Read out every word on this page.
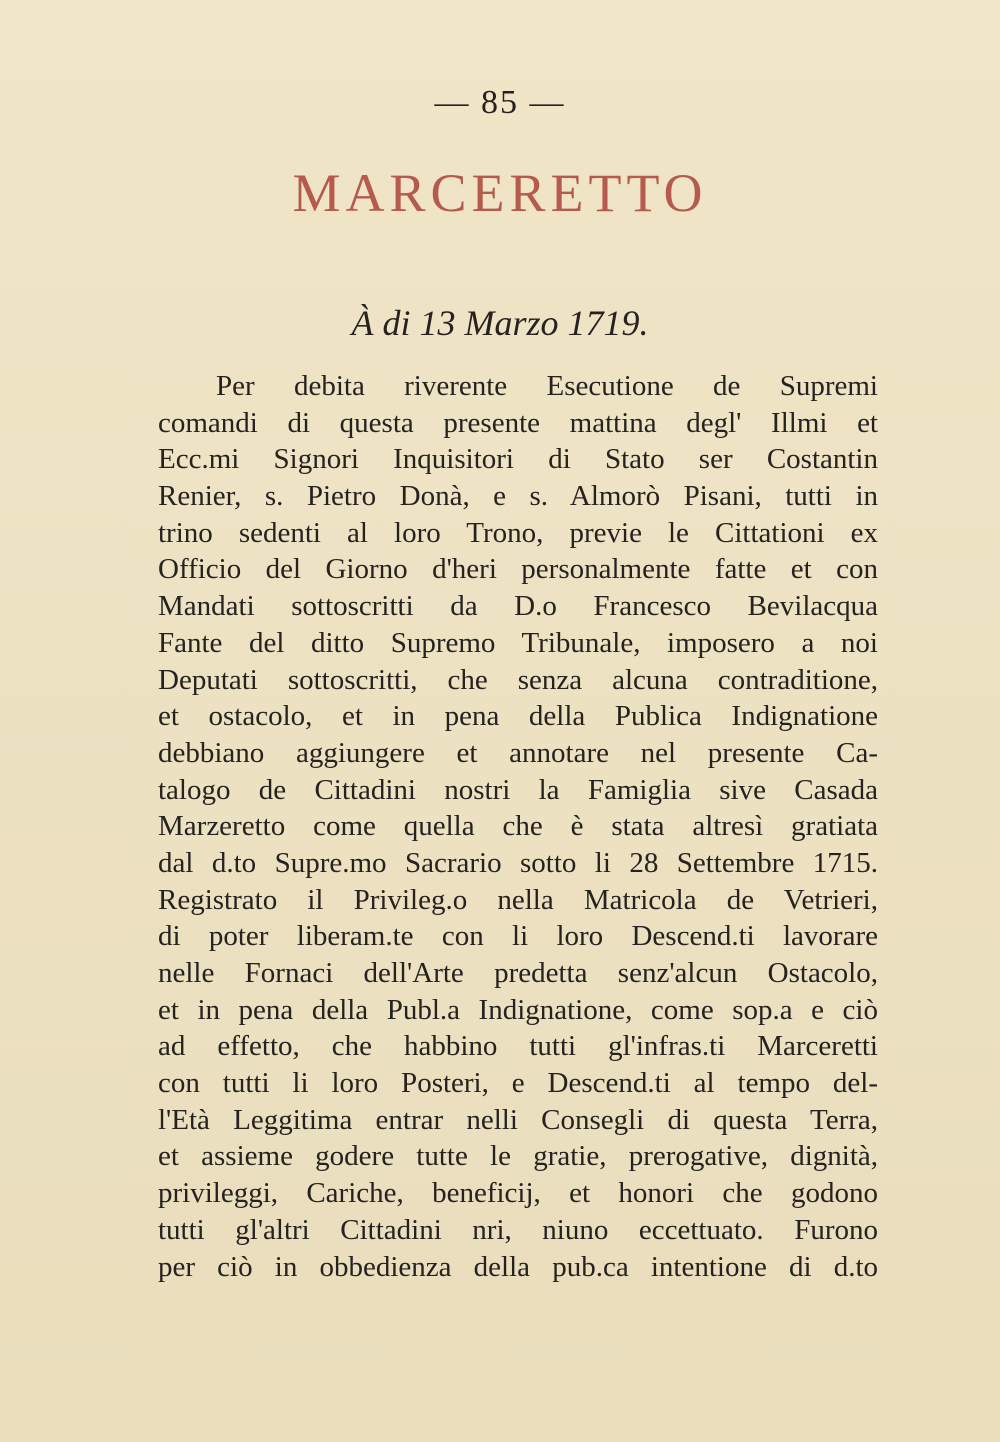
— 85 —
MARCERETTO
À di 13 Marzo 1719.
Per debita riverente Esecutione de Supremi
comandi di questa presente mattina degl' Illmi et
Ecc.mi Signori Inquisitori di Stato ser Costantin
Renier, s. Pietro Donà, e s. Almorò Pisani, tutti in
trino sedenti al loro Trono, previe le Cittationi ex
Officio del Giorno d'heri personalmente fatte et con
Mandati sottoscritti da D.o Francesco Bevilacqua
Fante del ditto Supremo Tribunale, imposero a noi
Deputati sottoscritti, che senza alcuna contraditione,
et ostacolo, et in pena della Publica Indignatione
debbiano aggiungere et annotare nel presente Ca-
talogo de Cittadini nostri la Famiglia sive Casada
Marzeretto come quella che è stata altresì gratiata
dal d.to Supre.mo Sacrario sotto li 28 Settembre 1715.
Registrato il Privileg.o nella Matricola de Vetrieri,
di poter liberam.te con li loro Descend.ti lavorare
nelle Fornaci dell'Arte predetta senz'alcun Ostacolo,
et in pena della Publ.a Indignatione, come sop.a e ciò
ad effetto, che habbino tutti gl'infras.ti Marceretti
con tutti li loro Posteri, e Descend.ti al tempo del-
l'Età Leggitima entrar nelli Consegli di questa Terra,
et assieme godere tutte le gratie, prerogative, dignità,
privileggi, Cariche, beneficij, et honori che godono
tutti gl'altri Cittadini nri, niuno eccettuato. Furono
per ciò in obbedienza della pub.ca intentione di d.to
